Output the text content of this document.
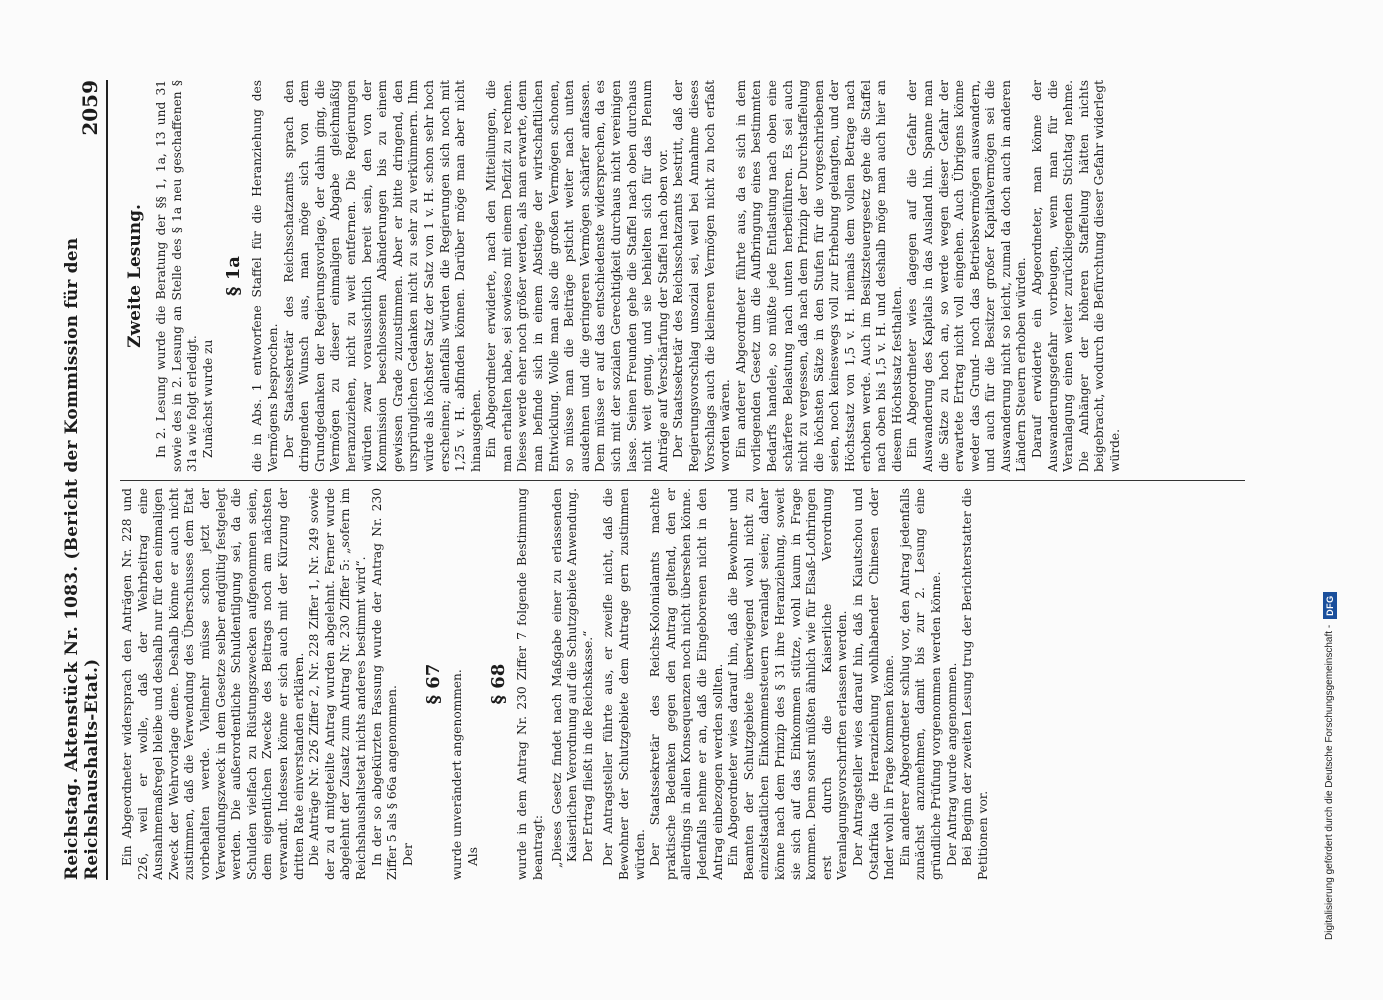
Reichstag. Aktenstück Nr. 1083. (Bericht der Kommission für den Reichshaushalts-Etat.)
2059

Ein Abgeordneter widersprach den Anträgen Nr. 228 und 226, weil er wolle, daß der Wehrbeitrag eine Ausnahmemaßregel bleibe und deshalb nur für den einmaligen Zweck der Wehrvorlage diene. Deshalb könne er auch nicht zustimmen, daß die Verwendung des Überschusses dem Etat vorbehalten werde. Vielmehr müsse schon jetzt der Verwendungszweck in dem Gesetze selber endgültig festgelegt werden. Die außerordentliche Schuldentilgung sei, da die Schulden vielfach zu Rüstungszwecken aufgenommen seien, dem eigentlichen Zwecke des Beitrags noch am nächsten verwandt. Indessen könne er sich auch mit der Kürzung der dritten Rate einverstanden erklären. Die Anträge Nr. 226 Ziffer 2, Nr. 228 Ziffer 1, Nr. 249 sowie der zu d mitgeteilte Antrag wurden abgelehnt. Ferner wurde abgelehnt der Zusatz zum Antrag Nr. 230 Ziffer 5: „sofern im Reichshaushaltsetat nichts anderes bestimmt wird“. In der so abgekürzten Fassung wurde der Antrag Nr. 230 Ziffer 5 als § 66a angenommen. Der

§ 67 wurde unverändert angenommen. Als

§ 68 wurde in dem Antrag Nr. 230 Ziffer 7 folgende Bestimmung beantragt: „Dieses Gesetz findet nach Maßgabe einer zu erlassenden Kaiserlichen Verordnung auf die Schutzgebiete Anwendung. Der Ertrag fließt in die Reichskasse.“ Der Antragsteller führte aus, er zweifle nicht, daß die Bewohner der Schutzgebiete dem Antrage gern zustimmen würden. Der Staatssekretär des Reichs-Kolonialamts machte praktische Bedenken gegen den Antrag geltend, den er allerdings in allen Konsequenzen noch nicht übersehen könne. Jedenfalls nehme er an, daß die Eingeborenen nicht in den Antrag einbezogen werden sollten. Ein Abgeordneter wies darauf hin, daß die Bewohner und Beamten der Schutzgebiete überwiegend wohl nicht zu einzelstaatlichen Einkommensteuern veranlagt seien; daher könne nach dem Prinzip des § 31 ihre Heranziehung, soweit sie sich auf das Einkommen stütze, wohl kaum in Frage kommen. Denn sonst müßten ähnlich wie für Elsaß-Lothringen erst durch die Kaiserliche Verordnung Veranlagungsvorschriften erlassen werden. Der Antragsteller wies darauf hin, daß in Kiautschou und Ostafrika die Heranziehung wohlhabender Chinesen oder Inder wohl in Frage kommen könne. Ein anderer Abgeordneter schlug vor, den Antrag jedenfalls zunächst anzunehmen, damit bis zur 2. Lesung eine gründliche Prüfung vorgenommen werden könne. Der Antrag wurde angenommen. Bei Beginn der zweiten Lesung trug der Berichterstatter die Petitionen vor.

Zweite Lesung. In 2. Lesung wurde die Beratung der §§ 1, 1a, 13 und 31 sowie des in 2. Lesung an Stelle des § 1a neu geschaffenen § 31a wie folgt erledigt. Zunächst wurde zu

§ 1a die in Abs. 1 entworfene Staffel für die Heranziehung des Vermögens besprochen. Der Staatssekretär des Reichsschatzamts sprach den dringenden Wunsch aus, man möge sich von dem Grundgedanken der Regierungsvorlage, der dahin ging, die Vermögen zu dieser einmaligen Abgabe gleichmäßig heranzuziehen, nicht zu weit entfernen. Die Regierungen würden zwar voraussichtlich bereit sein, den von der Kommission beschlossenen Abänderungen bis zu einem gewissen Grade zuzustimmen. Aber er bitte dringend, den ursprünglichen Gedanken nicht zu sehr zu verkümmern. Ihm würde als höchster Satz der Satz von 1 v. H. schon sehr hoch erscheinen; allenfalls würden die Regierungen sich noch mit 1,25 v. H. abfinden können. Darüber möge man aber nicht hinausgehen. Ein Abgeordneter erwiderte, nach den Mitteilungen, die man erhalten habe, sei sowieso mit einem Defizit zu rechnen. Dieses werde eher noch größer werden, als man erwarte, denn man befinde sich in einem Abstiege der wirtschaftlichen Entwicklung. Wolle man also die großen Vermögen schonen, so müsse man die Beiträge psticht weiter nach unten ausdehnen und die geringeren Vermögen schärfer anfassen. Dem müsse er auf das entschiedenste widersprechen, da es sich mit der sozialen Gerechtigkeit durchaus nicht vereinigen lasse. Seinen Freunden gehe die Staffel nach oben durchaus nicht weit genug, und sie behielten sich für das Plenum Anträge auf Verschärfung der Staffel nach oben vor. Der Staatssekretär des Reichsschatzamts bestritt, daß der Regierungsvorschlag unsozial sei, weil bei Annahme dieses Vorschlags auch die kleineren Vermögen nicht zu hoch erfaßt worden wären. Ein anderer Abgeordneter führte aus, da es sich in dem vorliegenden Gesetz um die Aufbringung eines bestimmten Bedarfs handele, so müßte jede Entlastung nach oben eine schärfere Belastung nach unten herbeiführen. Es sei auch nicht zu vergessen, daß nach dem Prinzip der Durchstaffelung die höchsten Sätze in den Stufen für die vorgeschriebenen seien, noch keineswegs voll zur Erhebung gelangten, und der Höchstsatz von 1,5 v. H. niemals dem vollen Betrage nach erhoben werde. Auch im Besitzsteuergesetz gehe die Staffel nach oben bis 1,5 v. H. und deshalb möge man auch hier an diesem Höchstsatz festhalten. Ein Abgeordneter wies dagegen auf die Gefahr der Auswanderung des Kapitals in das Ausland hin. Spanne man die Sätze zu hoch an, so werde wegen dieser Gefahr der erwartete Ertrag nicht voll eingehen. Auch Übrigens könne weder das Grund- noch das Betriebsvermögen auswandern, und auch für die Besitzer großer Kapitalvermögen sei die Auswanderung nicht so leicht, zumal da doch auch in anderen Ländern Steuern erhoben würden. Darauf erwiderte ein Abgeordneter, man könne der Auswanderungsgefahr vorbeugen, wenn man für die Veranlagung einen weiter zurückliegenden Stichtag nehme. Die Anhänger der höheren Staffelung hätten nichts beigebracht, wodurch die Befürchtung dieser Gefahr widerlegt würde.

Digitalisierung gefördert durch die Deutsche Forschungsgemeinschaft -
DFG
